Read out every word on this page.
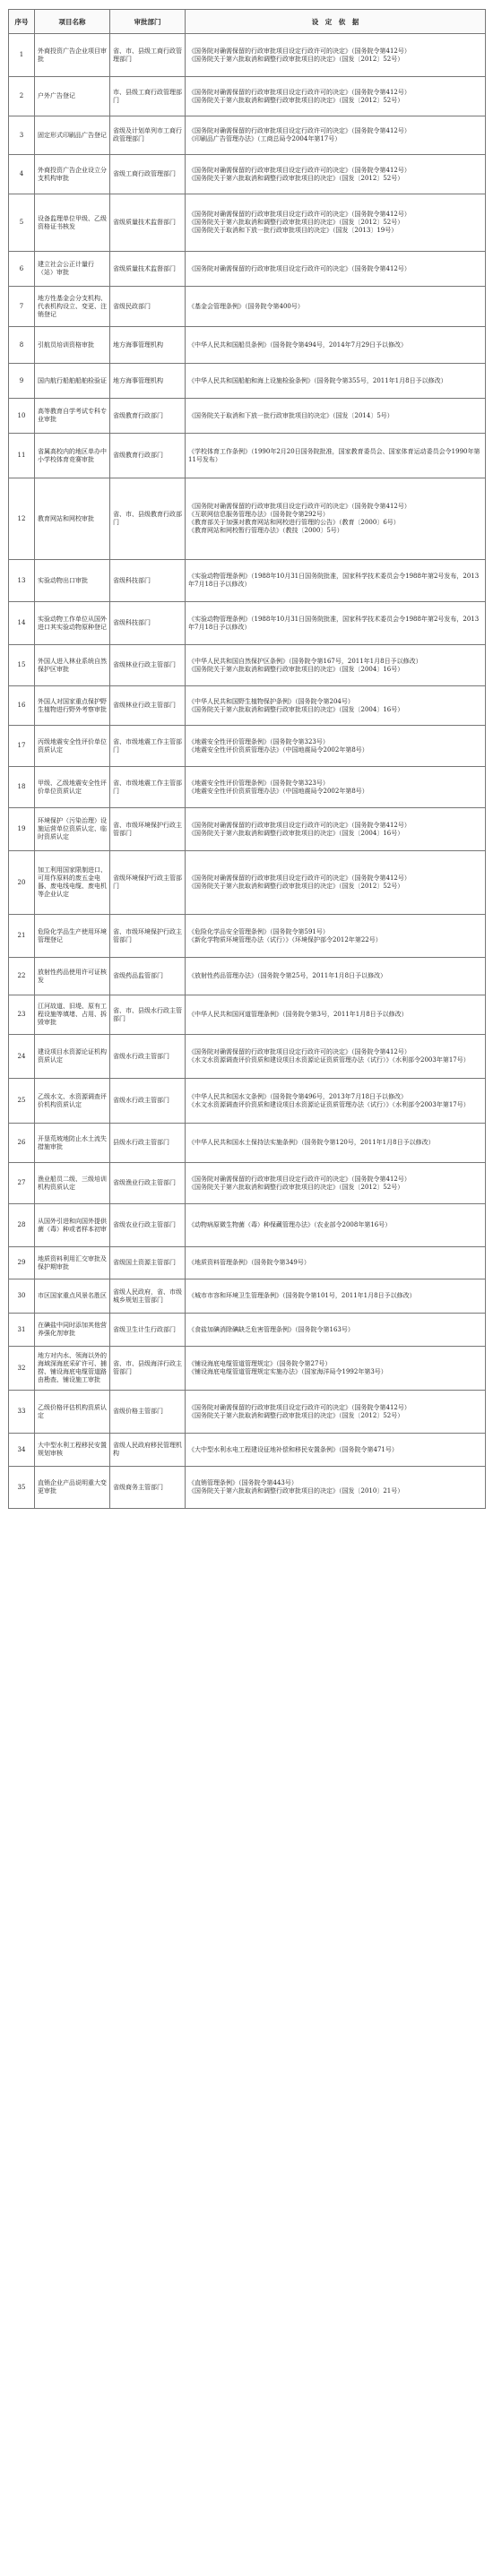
序号	项目名称	审批部门	设　定　依　据
1	外商投资广告企业项目审批	省、市、县级工商行政管理部门	《国务院对确需保留的行政审批项目设定行政许可的决定》（国务院令第412号）
《国务院关于第六批取消和调整行政审批项目的决定》（国发〔2012〕52号）

2	户外广告登记	市、县级工商行政管理部门	《国务院对确需保留的行政审批项目设定行政许可的决定》（国务院令第412号）
《国务院关于第六批取消和调整行政审批项目的决定》（国发〔2012〕52号）

3	固定形式印刷品广告登记	省级及计划单列市工商行政管理部门	《国务院对确需保留的行政审批项目设定行政许可的决定》（国务院令第412号）
《印刷品广告管理办法》（工商总局令2004年第17号）

4	外商投资广告企业设立分支机构审批	省级工商行政管理部门	《国务院对确需保留的行政审批项目设定行政许可的决定》（国务院令第412号）
《国务院关于第六批取消和调整行政审批项目的决定》（国发〔2012〕52号）

5	设备监理单位甲级、乙级资格证书核发	省级质量技术监督部门	《国务院对确需保留的行政审批项目设定行政许可的决定》（国务院令第412号）
《国务院关于第六批取消和调整行政审批项目的决定》（国发〔2012〕52号）
《国务院关于取消和下放一批行政审批项目的决定》（国发〔2013〕19号）

6	建立社会公正计量行（站）审批	省级质量技术监督部门	《国务院对确需保留的行政审批项目设定行政许可的决定》（国务院令第412号）

7	地方性基金会分支机构、代表机构设立、变更、注销登记	省级民政部门	《基金会管理条例》（国务院令第400号）

8	引航员培训资格审批	地方海事管理机构	《中华人民共和国船员条例》（国务院令第494号，2014年7月29日予以修改）

9	国内航行船舶船舶检验证	地方海事管理机构	《中华人民共和国船舶和海上设施检验条例》（国务院令第355号，2011年1月8日予以修改）

10	高等教育自学考试专科专业审批	省级教育行政部门	《国务院关于取消和下放一批行政审批项目的决定》（国发〔2014〕5号）

11	省属高校内的地区单办中小学校体育竞赛审批	省级教育行政部门	《学校体育工作条例》（1990年2月20日国务院批准，国家教育委员会、国家体育运动委员会令1990年第11号发布）

12	教育网站和网校审批	省、市、县级教育行政部门	《国务院对确需保留的行政审批项目设定行政许可的决定》（国务院令第412号）
《互联网信息服务管理办法》（国务院令第292号）
《教育部关于加强对教育网站和网校进行管理的公告》（教育〔2000〕6号）
《教育网站和网校暂行管理办法》（教技〔2000〕5号）

13	实验动物出口审批	省级科技部门	《实验动物管理条例》（1988年10月31日国务院批准，国家科学技术委员会令1988年第2号发布，2013年7月18日予以修改）

14	实验动物工作单位从国外进口其实验动物原种登记	省级科技部门	《实验动物管理条例》（1988年10月31日国务院批准，国家科学技术委员会令1988年第2号发布，2013年7月18日予以修改）

15	外国人进入林业系统自然保护区审批	省级林业行政主管部门	《中华人民共和国自然保护区条例》（国务院令第167号，2011年1月8日予以修改）
《国务院关于第六批取消和调整行政审批项目的决定》（国发〔2004〕16号）

16	外国人对国家重点保护野生植物进行野外考察审批	省级林业行政主管部门	《中华人民共和国野生植物保护条例》（国务院令第204号）
《国务院关于第六批取消和调整行政审批项目的决定》（国发〔2004〕16号）

17	丙级地震安全性评价单位资质认定	省、市级地震工作主管部门	《地震安全性评价管理条例》（国务院令第323号）
《地震安全性评价资质管理办法》（中国地震局令2002年第8号）

18	甲级、乙级地震安全性评价单位资质认定	省、市级地震工作主管部门	《地震安全性评价管理条例》（国务院令第323号）
《地震安全性评价资质管理办法》（中国地震局令2002年第8号）

19	环境保护（污染治理）设施运营单位资质认定、临时资质认定	省、市级环境保护行政主管部门	《国务院对确需保留的行政审批项目设定行政许可的决定》（国务院令第412号）
《国务院关于第六批取消和调整行政审批项目的决定》（国发〔2004〕16号）

20	加工利用国家限制进口、可用作原料的废五金电器、废电线电缆、废电机等企业认定	省级环境保护行政主管部门	《国务院对确需保留的行政审批项目设定行政许可的决定》（国务院令第412号）
《国务院关于第六批取消和调整行政审批项目的决定》（国发〔2012〕52号）

21	危险化学品生产使用环境管理登记	省、市级环境保护行政主管部门	《危险化学品安全管理条例》（国务院令第591号）
《新化学物质环境管理办法（试行）》（环境保护部令2012年第22号）

22	放射性药品使用许可证核发	省级药品监管部门	《放射性药品管理办法》（国务院令第25号，2011年1月8日予以修改）

23	江河故道、旧堤、原有工程设施等填堵、占用、拆毁审批	省、市、县级水行政主管部门	《中华人民共和国河道管理条例》（国务院令第3号，2011年1月8日予以修改）

24	建设项目水资源论证机构资质认定	省级水行政主管部门	《国务院对确需保留的行政审批项目设定行政许可的决定》（国务院令第412号）
《水文水资源调查评价资质和建设项目水资源论证资质管理办法（试行）》（水利部令2003年第17号）

25	乙级水文、水资源调查评价机构资质认定	省级水行政主管部门	《中华人民共和国水文条例》（国务院令第496号，2013年7月18日予以修改）
《水文水资源调查评价资质和建设项目水资源论证资质管理办法（试行）》（水利部令2003年第17号）

26	开垦荒坡地防止水土流失措施审批	县级水行政主管部门	《中华人民共和国水土保持法实施条例》（国务院令第120号，2011年1月8日予以修改）

27	渔业船员二级、三级培训机构资质认定	省级渔业行政主管部门	《国务院对确需保留的行政审批项目设定行政许可的决定》（国务院令第412号）
《国务院关于第六批取消和调整行政审批项目的决定》（国发〔2012〕52号）

28	从国外引进和向国外提供菌（毒）种或者样本初审	省级农业行政主管部门	《动物病原微生物菌（毒）种保藏管理办法》（农业部令2008年第16号）

29	地质资料利用汇交审批及保护期审批	省级国土资源主管部门	《地质资料管理条例》（国务院令第349号）

30	市区国家重点风景名胜区	省级人民政府，省、市级城乡规划主管部门	《城市市容和环境卫生管理条例》（国务院令第101号，2011年1月8日予以修改）

31	在碘盐中同时添加其他营养强化剂审批	省级卫生计生行政部门	《食盐加碘消除碘缺乏危害管理条例》（国务院令第163号）

32	地方对内水、领海以外的海域深海底采矿许可、捕捞、铺设海底电缆管道路由勘查、铺设施工审批	省、市、县级海洋行政主管部门	《铺设海底电缆管道管理规定》（国务院令第27号）
《铺设海底电缆管道管理规定实施办法》（国家海洋局令1992年第3号）

33	乙级价格评估机构资质认定	省级价格主管部门	《国务院对确需保留的行政审批项目设定行政许可的决定》（国务院令第412号）
《国务院关于第六批取消和调整行政审批项目的决定》（国发〔2012〕52号）

34	大中型水利工程移民安置规划审核	省级人民政府移民管理机构	《大中型水利水电工程建设征地补偿和移民安置条例》（国务院令第471号）

35	直销企业产品说明重大变更审批	省级商务主管部门	《直销管理条例》（国务院令第443号）
《国务院关于第六批取消和调整行政审批项目的决定》（国发〔2010〕21号）
